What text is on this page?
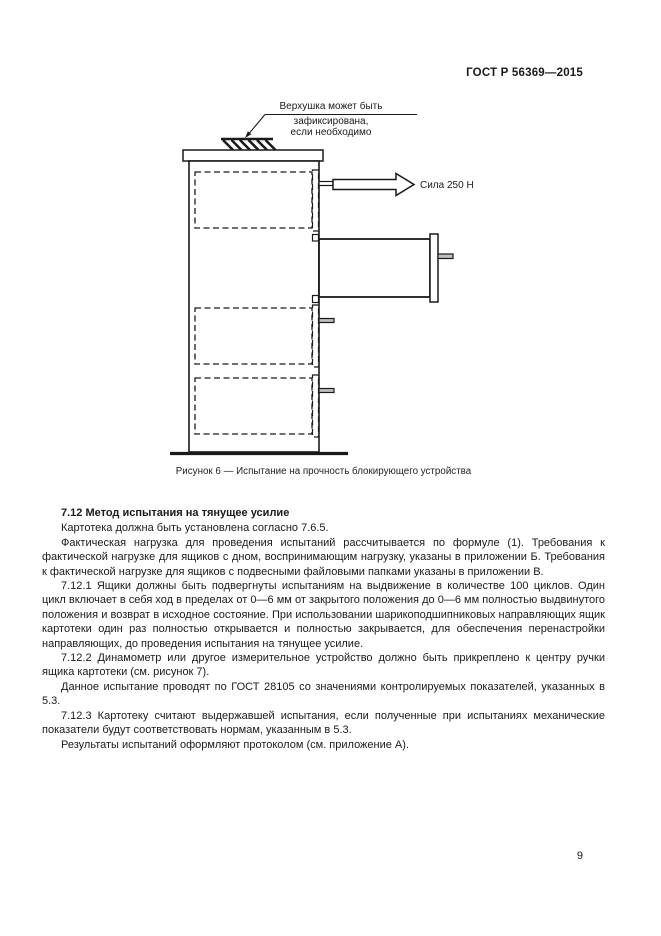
ГОСТ Р 56369—2015
Верхушка может быть
зафиксирована,
если необходимо
Сила 250 Н
Рисунок 6 — Испытание на прочность блокирующего устройства

7.12 Метод испытания на тянущее усилие

Картотека должна быть установлена согласно 7.6.5.

Фактическая нагрузка для проведения испытаний рассчитывается по формуле (1). Требования к фактической нагрузке для ящиков с дном, воспринимающим нагрузку, указаны в приложении Б. Требования к фактической нагрузке для ящиков с подвесными файловыми папками указаны в приложении В.

7.12.1 Ящики должны быть подвергнуты испытаниям на выдвижение в количестве 100 циклов. Один цикл включает в себя ход в пределах от 0—6 мм от закрытого положения до 0—6 мм полностью выдвинутого положения и возврат в исходное состояние. При использовании шарикоподшипниковых направляющих ящик картотеки один раз полностью открывается и полностью закрывается, для обеспечения перенастройки направляющих, до проведения испытания на тянущее усилие.

7.12.2 Динамометр или другое измерительное устройство должно быть прикреплено к центру ручки ящика картотеки (см. рисунок 7).

Данное испытание проводят по ГОСТ 28105 со значениями контролируемых показателей, указанных в 5.3.

7.12.3 Картотеку считают выдержавшей испытания, если полученные при испытаниях механические показатели будут соответствовать нормам, указанным в 5.3.

Результаты испытаний оформляют протоколом (см. приложение А).

9
